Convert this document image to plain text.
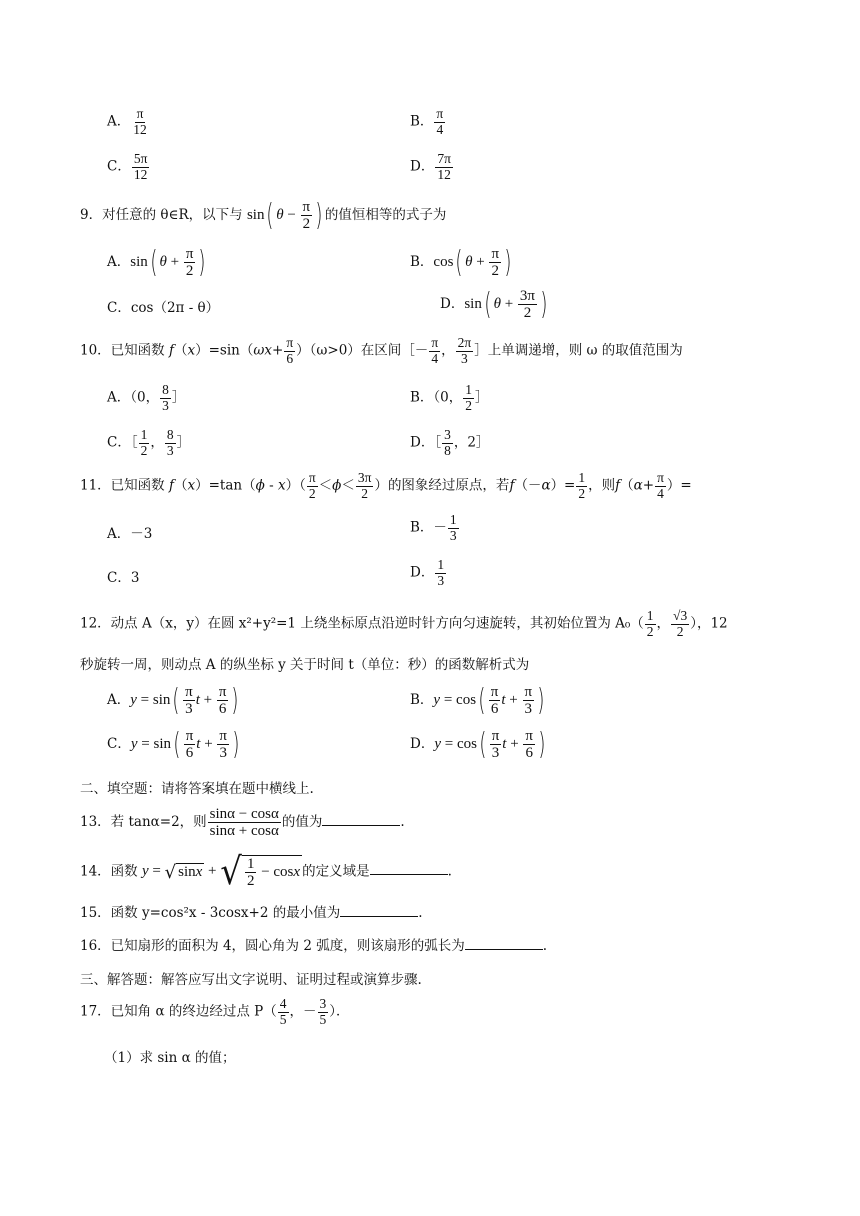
A． $\frac{\pi}{12}$	B． $\frac{\pi}{4}$
C． $\frac{5\pi}{12}$	D． $\frac{7\pi}{12}$
9．对任意的 θ∈R，以下与 sin( $\theta - \frac{\pi}{2}$ ) 的值恒相等的式子为
A．sin( $\theta + \frac{\pi}{2}$ )	B．cos( $\theta + \frac{\pi}{2}$ )
C．cos（2π - θ）	D．sin( $\theta + \frac{3\pi}{2}$ )
10．已知函数 $f(x)=\sin(\omega x+ \frac{\pi}{6} )(\omega>0)$在区间［－ $\frac{\pi}{4}$ ， $\frac{2\pi}{3}$ ］上单调递增，则 ω 的取值范围为
A．（0， $\frac{8}{3}$ ］	B．（0， $\frac{1}{2}$ ］
C．［ $\frac{1}{2}$ ， $\frac{8}{3}$ ］	D．［ $\frac{3}{8}$ ，2］
11．已知函数 $f(x)=\tan(\phi - x)( \frac{\pi}{2} <\phi< \frac{3\pi}{2}$ ）的图象经过原点，若$f(-\alpha)= \frac{1}{2}$ ，则$f(\alpha+ \frac{\pi}{4}$ ）=
A．－3	B．－ $\frac{1}{3}$
C．3	D． $\frac{1}{3}$
12．动点 A（x，y）在圆 x²+y²=1 上绕坐标原点沿逆时针方向匀速旋转，其初始位置为 $A_0( \frac{1}{2}$ ， $\frac{√3}{2}$ ），12
秒旋转一周，则动点 A 的纵坐标 y 关于时间 t（单位：秒）的函数解析式为
A．$y = \sin( \frac{\pi}{3}$ $t + \frac{\pi}{6}$ )	B．$y = \cos( \frac{\pi}{6}$ $t + \frac{\pi}{3}$ )
C．$y = \sin( \frac{\pi}{6}$ $t + \frac{\pi}{3}$ )	D．$y = \cos( \frac{\pi}{3}$ $t + \frac{\pi}{6}$ )
二、填空题：请将答案填在题中横线上.
13．若 tanα=2，则 $\frac{\sin\alpha - \cos\alpha}{\sin\alpha + \cos\alpha}$ 的值为	.
14．函数 y = √ sinx + √ $\frac{1}{2} - \cos x$ 的定义域是	.
15．函数 y=cos²x - 3cosx+2 的最小值为	.
16．已知扇形的面积为 4，圆心角为 2 弧度，则该扇形的弧长为	.
三、解答题：解答应写出文字说明、证明过程或演算步骤.
17．已知角 α 的终边经过点 $P( \frac{4}{5}$ ，－ $\frac{3}{5}$ ）．
（1）求 sin α 的值；
